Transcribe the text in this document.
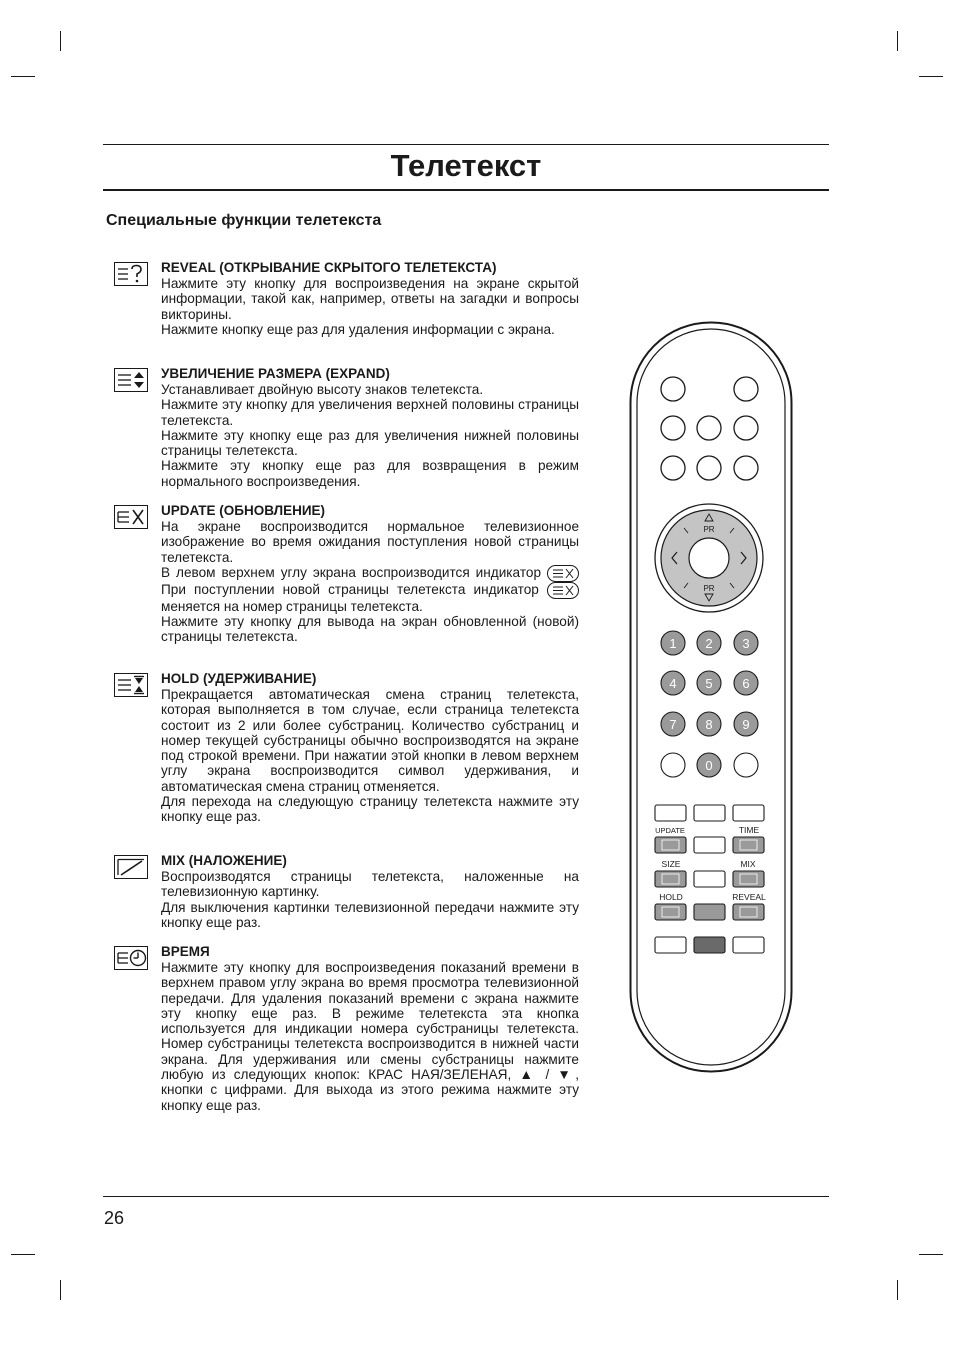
Телетекст
Специальные функции телетекста
REVEAL (ОТКРЫВАНИЕ СКРЫТОГО ТЕЛЕТЕКСТА)

Нажмите эту кнопку для воспроизведения на экране скрытой информации, такой как, например, ответы на загадки и вопросы викторины.

Нажмите кнопку еще раз для удаления информации с экрана.

УВЕЛИЧЕНИЕ РАЗМЕРА (EXPAND)

Устанавливает двойную высоту знаков телетекста.

Нажмите эту кнопку для увеличения верхней половины страницы телетекста.

Нажмите эту кнопку еще раз для увеличения нижней половины страницы телетекста.

Нажмите эту кнопку еще раз для возвращения в режим нормального воспроизведения.

UPDATE (ОБНОВЛЕНИЕ)

На экране воспроизводится нормальное телевизионное изображение во время ожидания поступления новой страницы телетекста.

В левом верхнем углу экрана воспроизводится индикатор  При поступлении новой страницы телетекста индикатор  меняется на номер страницы телетекста.

Нажмите эту кнопку для вывода на экран обновленной (новой) страницы телетекста.

HOLD (УДЕРЖИВАНИЕ)

Прекращается автоматическая смена страниц телетекста, которая выполняется в том случае, если страница телетекста состоит из 2 или более субстраниц. Количество субстраниц и номер текущей субстраницы обычно воспроизводятся на экране под строкой времени. При нажатии этой кнопки в левом верхнем углу экрана воспроизводится символ удерживания, и автоматическая смена страниц отменяется.

Для перехода на следующую страницу телетекста нажмите эту кнопку еще раз.

MIX (НАЛОЖЕНИЕ)

Воспроизводятся страницы телетекста, наложенные на телевизионную картинку.

Для выключения картинки телевизионной передачи нажмите эту кнопку еще раз.

ВРЕМЯ

Нажмите эту кнопку для воспроизведения показаний времени в верхнем правом углу экрана во время просмотра телевизионной передачи. Для удаления показаний времени с экрана нажмите эту кнопку еще раз. В режиме телетекста эта кнопка используется для индикации номера субстраницы телетекста. Номер субстраницы телетекста воспроизводится в нижней части экрана. Для удерживания или смены субстраницы нажмите любую из следующих кнопок: КРАС НАЯ/ЗЕЛЕНАЯ, ▲ / ▼, кнопки с цифрами. Для выхода из этого режима нажмите эту кнопку еще раз.

PR
PR
1 2 3
4 5 6
7 8 9
0
UPDATE	TIME
SIZE	MIX
HOLD	REVEAL

26
